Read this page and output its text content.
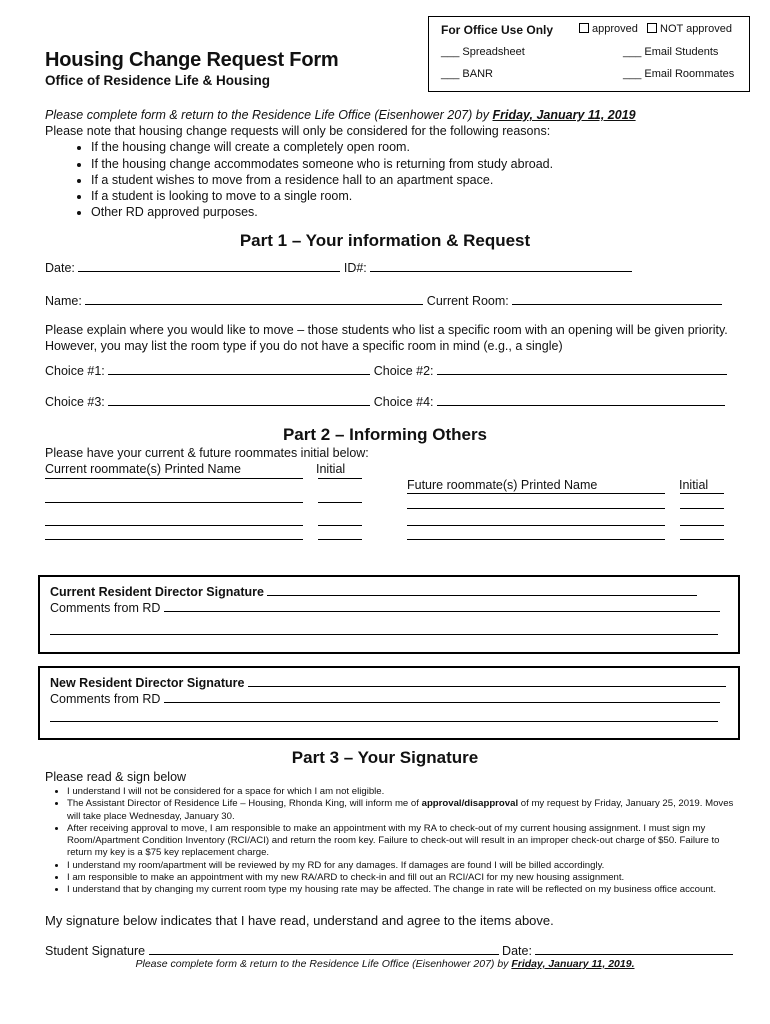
Housing Change Request Form
Office of Residence Life & Housing
For Office Use Only	approved	NOT approved
___ Spreadsheet	___ Email Students
___ BANR	___ Email Roommates
Please complete form & return to the Residence Life Office (Eisenhower 207) by Friday, January 11, 2019
Please note that housing change requests will only be considered for the following reasons:
• If the housing change will create a completely open room.
• If the housing change accommodates someone who is returning from study abroad.
• If a student wishes to move from a residence hall to an apartment space.
• If a student is looking to move to a single room.
• Other RD approved purposes.
Part 1 – Your information & Request
Date:	ID#:
Name:	Current Room:
Please explain where you would like to move – those students who list a specific room with an opening will be given priority. However, you may list the room type if you do not have a specific room in mind (e.g., a single)
Choice #1:	Choice #2:
Choice #3:	Choice #4:
Part 2 – Informing Others
Please have your current & future roommates initial below:
Current roommate(s) Printed Name	Initial
Future roommate(s) Printed Name	Initial
Current Resident Director Signature
Comments from RD
New Resident Director Signature
Comments from RD
Part 3 – Your Signature
Please read & sign below
• I understand I will not be considered for a space for which I am not eligible.
• The Assistant Director of Residence Life – Housing, Rhonda King, will inform me of approval/disapproval of my request by Friday, January 25, 2019. Moves will take place Wednesday, January 30.
• After receiving approval to move, I am responsible to make an appointment with my RA to check-out of my current housing assignment. I must sign my Room/Apartment Condition Inventory (RCI/ACI) and return the room key. Failure to check-out will result in an improper check-out charge of $50. Failure to return my key is a $75 key replacement charge.
• I understand my room/apartment will be reviewed by my RD for any damages. If damages are found I will be billed accordingly.
• I am responsible to make an appointment with my new RA/ARD to check-in and fill out an RCI/ACI for my new housing assignment.
• I understand that by changing my current room type my housing rate may be affected. The change in rate will be reflected on my business office account.
My signature below indicates that I have read, understand and agree to the items above.
Student Signature	Date:
Please complete form & return to the Residence Life Office (Eisenhower 207) by Friday, January 11, 2019.
